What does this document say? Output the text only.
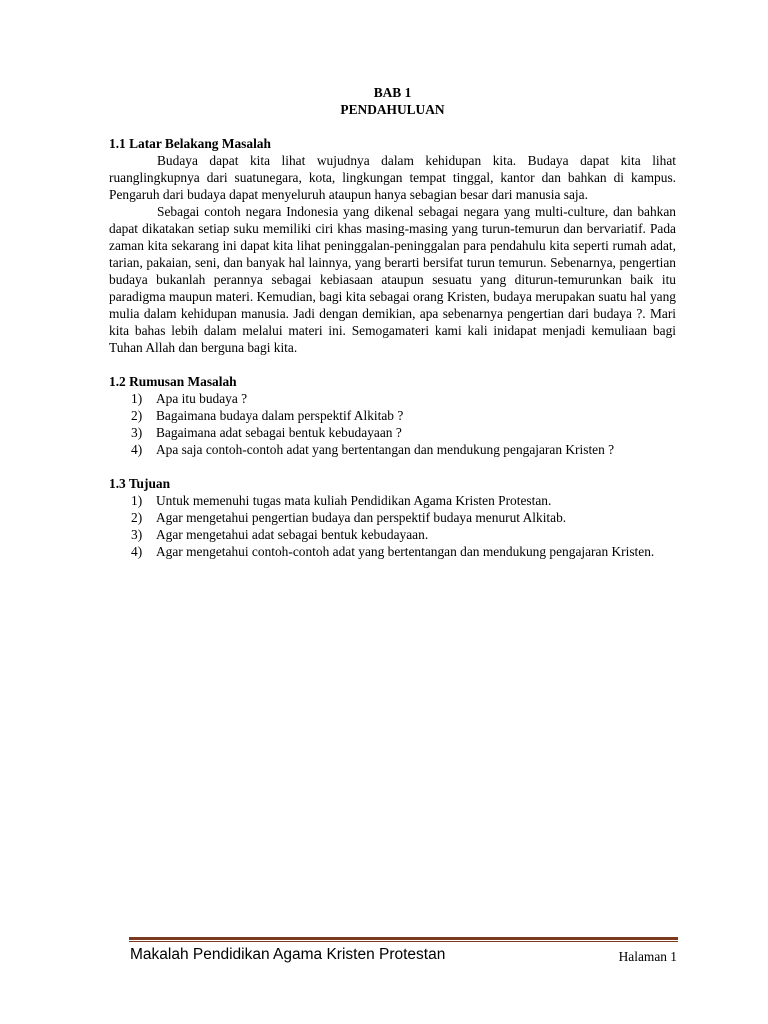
BAB 1

PENDAHULUAN

1.1 Latar Belakang Masalah

Budaya dapat kita lihat wujudnya dalam kehidupan kita. Budaya dapat kita lihat ruanglingkupnya dari suatunegara, kota, lingkungan tempat tinggal, kantor dan bahkan di kampus. Pengaruh dari budaya dapat menyeluruh ataupun hanya sebagian besar dari manusia saja.

Sebagai contoh negara Indonesia yang dikenal sebagai negara yang multi-culture, dan bahkan dapat dikatakan setiap suku memiliki ciri khas masing-masing yang turun-temurun dan bervariatif. Pada zaman kita sekarang ini dapat kita lihat peninggalan-peninggalan para pendahulu kita seperti rumah adat, tarian, pakaian, seni, dan banyak hal lainnya, yang berarti bersifat turun temurun. Sebenarnya, pengertian budaya bukanlah perannya sebagai kebiasaan ataupun sesuatu yang diturun-temurunkan baik itu paradigma maupun materi. Kemudian, bagi kita sebagai orang Kristen, budaya merupakan suatu hal yang mulia dalam kehidupan manusia. Jadi dengan demikian, apa sebenarnya pengertian dari budaya ?. Mari kita bahas lebih dalam melalui materi ini. Semogamateri kami kali inidapat menjadi kemuliaan bagi Tuhan Allah dan berguna bagi kita.

1.2 Rumusan Masalah

1) Apa itu budaya ?
2) Bagaimana budaya dalam perspektif Alkitab ?
3) Bagaimana adat sebagai bentuk kebudayaan ?
4) Apa saja contoh-contoh adat yang bertentangan dan mendukung pengajaran Kristen ?

1.3 Tujuan

1) Untuk memenuhi tugas mata kuliah Pendidikan Agama Kristen Protestan.
2) Agar mengetahui pengertian budaya dan perspektif budaya menurut Alkitab.
3) Agar mengetahui adat sebagai bentuk kebudayaan.
4) Agar mengetahui contoh-contoh adat yang bertentangan dan mendukung pengajaran Kristen.
Makalah Pendidikan Agama Kristen Protestan	Halaman 1
